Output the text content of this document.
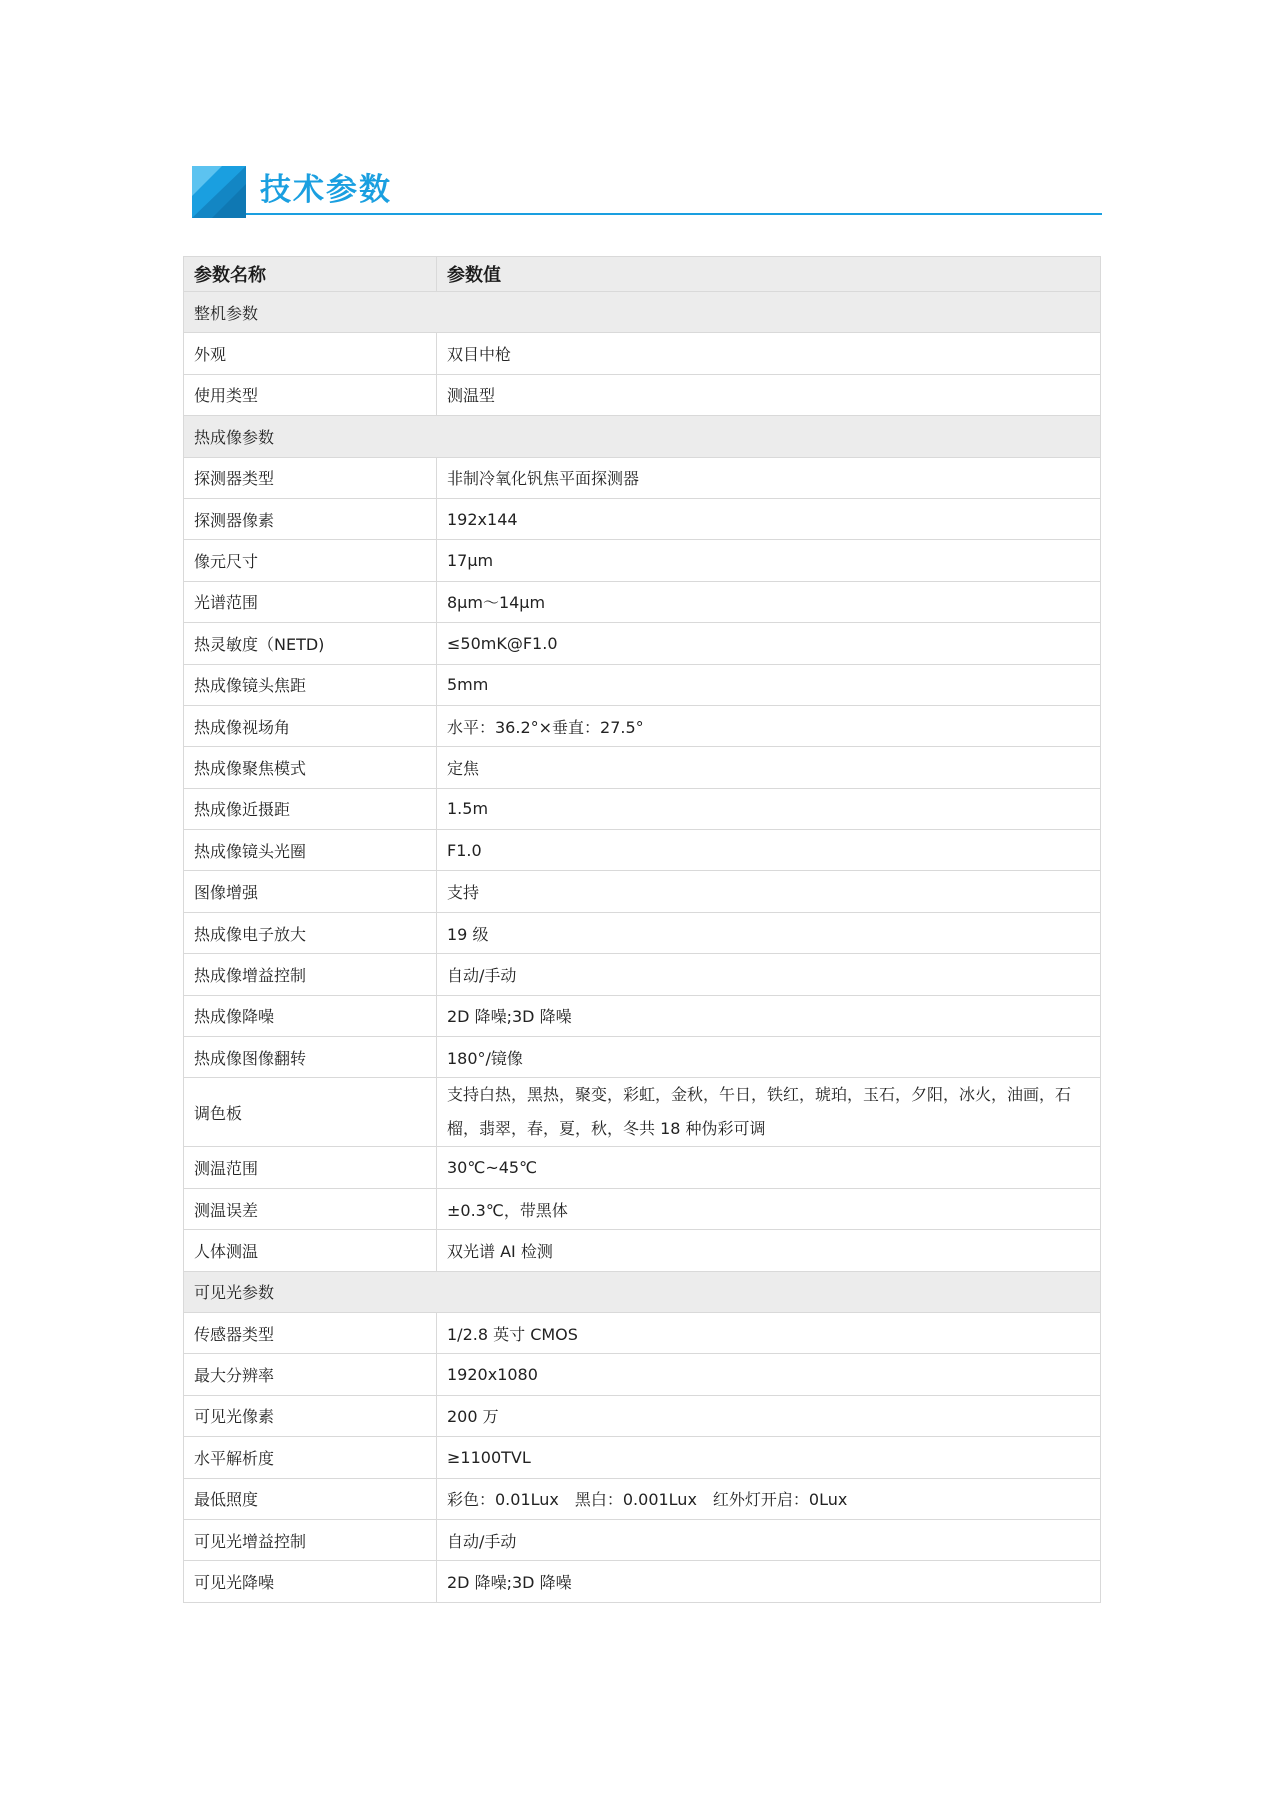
技术参数
参数名称	参数值
整机参数	
外观	双目中枪
使用类型	测温型
热成像参数	
探测器类型	非制冷氧化钒焦平面探测器
探测器像素	192x144
像元尺寸	17μm
光谱范围	8μm～14μm
热灵敏度（NETD)	≤50mK@F1.0
热成像镜头焦距	5mm
热成像视场角	水平：36.2°×垂直：27.5°
热成像聚焦模式	定焦
热成像近摄距	1.5m
热成像镜头光圈	F1.0
图像增强	支持
热成像电子放大	19 级
热成像增益控制	自动/手动
热成像降噪	2D 降噪;3D 降噪
热成像图像翻转	180°/镜像
调色板	支持白热，黑热，聚变，彩虹，金秋，午日，铁红，琥珀，玉石，夕阳，冰火，油画，石榴，翡翠，春，夏，秋，冬共 18 种伪彩可调
测温范围	30℃~45℃
测温误差	±0.3℃，带黑体
人体测温	双光谱 AI 检测
可见光参数	
传感器类型	1/2.8 英寸 CMOS
最大分辨率	1920x1080
可见光像素	200 万
水平解析度	≥1100TVL
最低照度	彩色：0.01Lux　黑白：0.001Lux　红外灯开启：0Lux
可见光增益控制	自动/手动
可见光降噪	2D 降噪;3D 降噪
